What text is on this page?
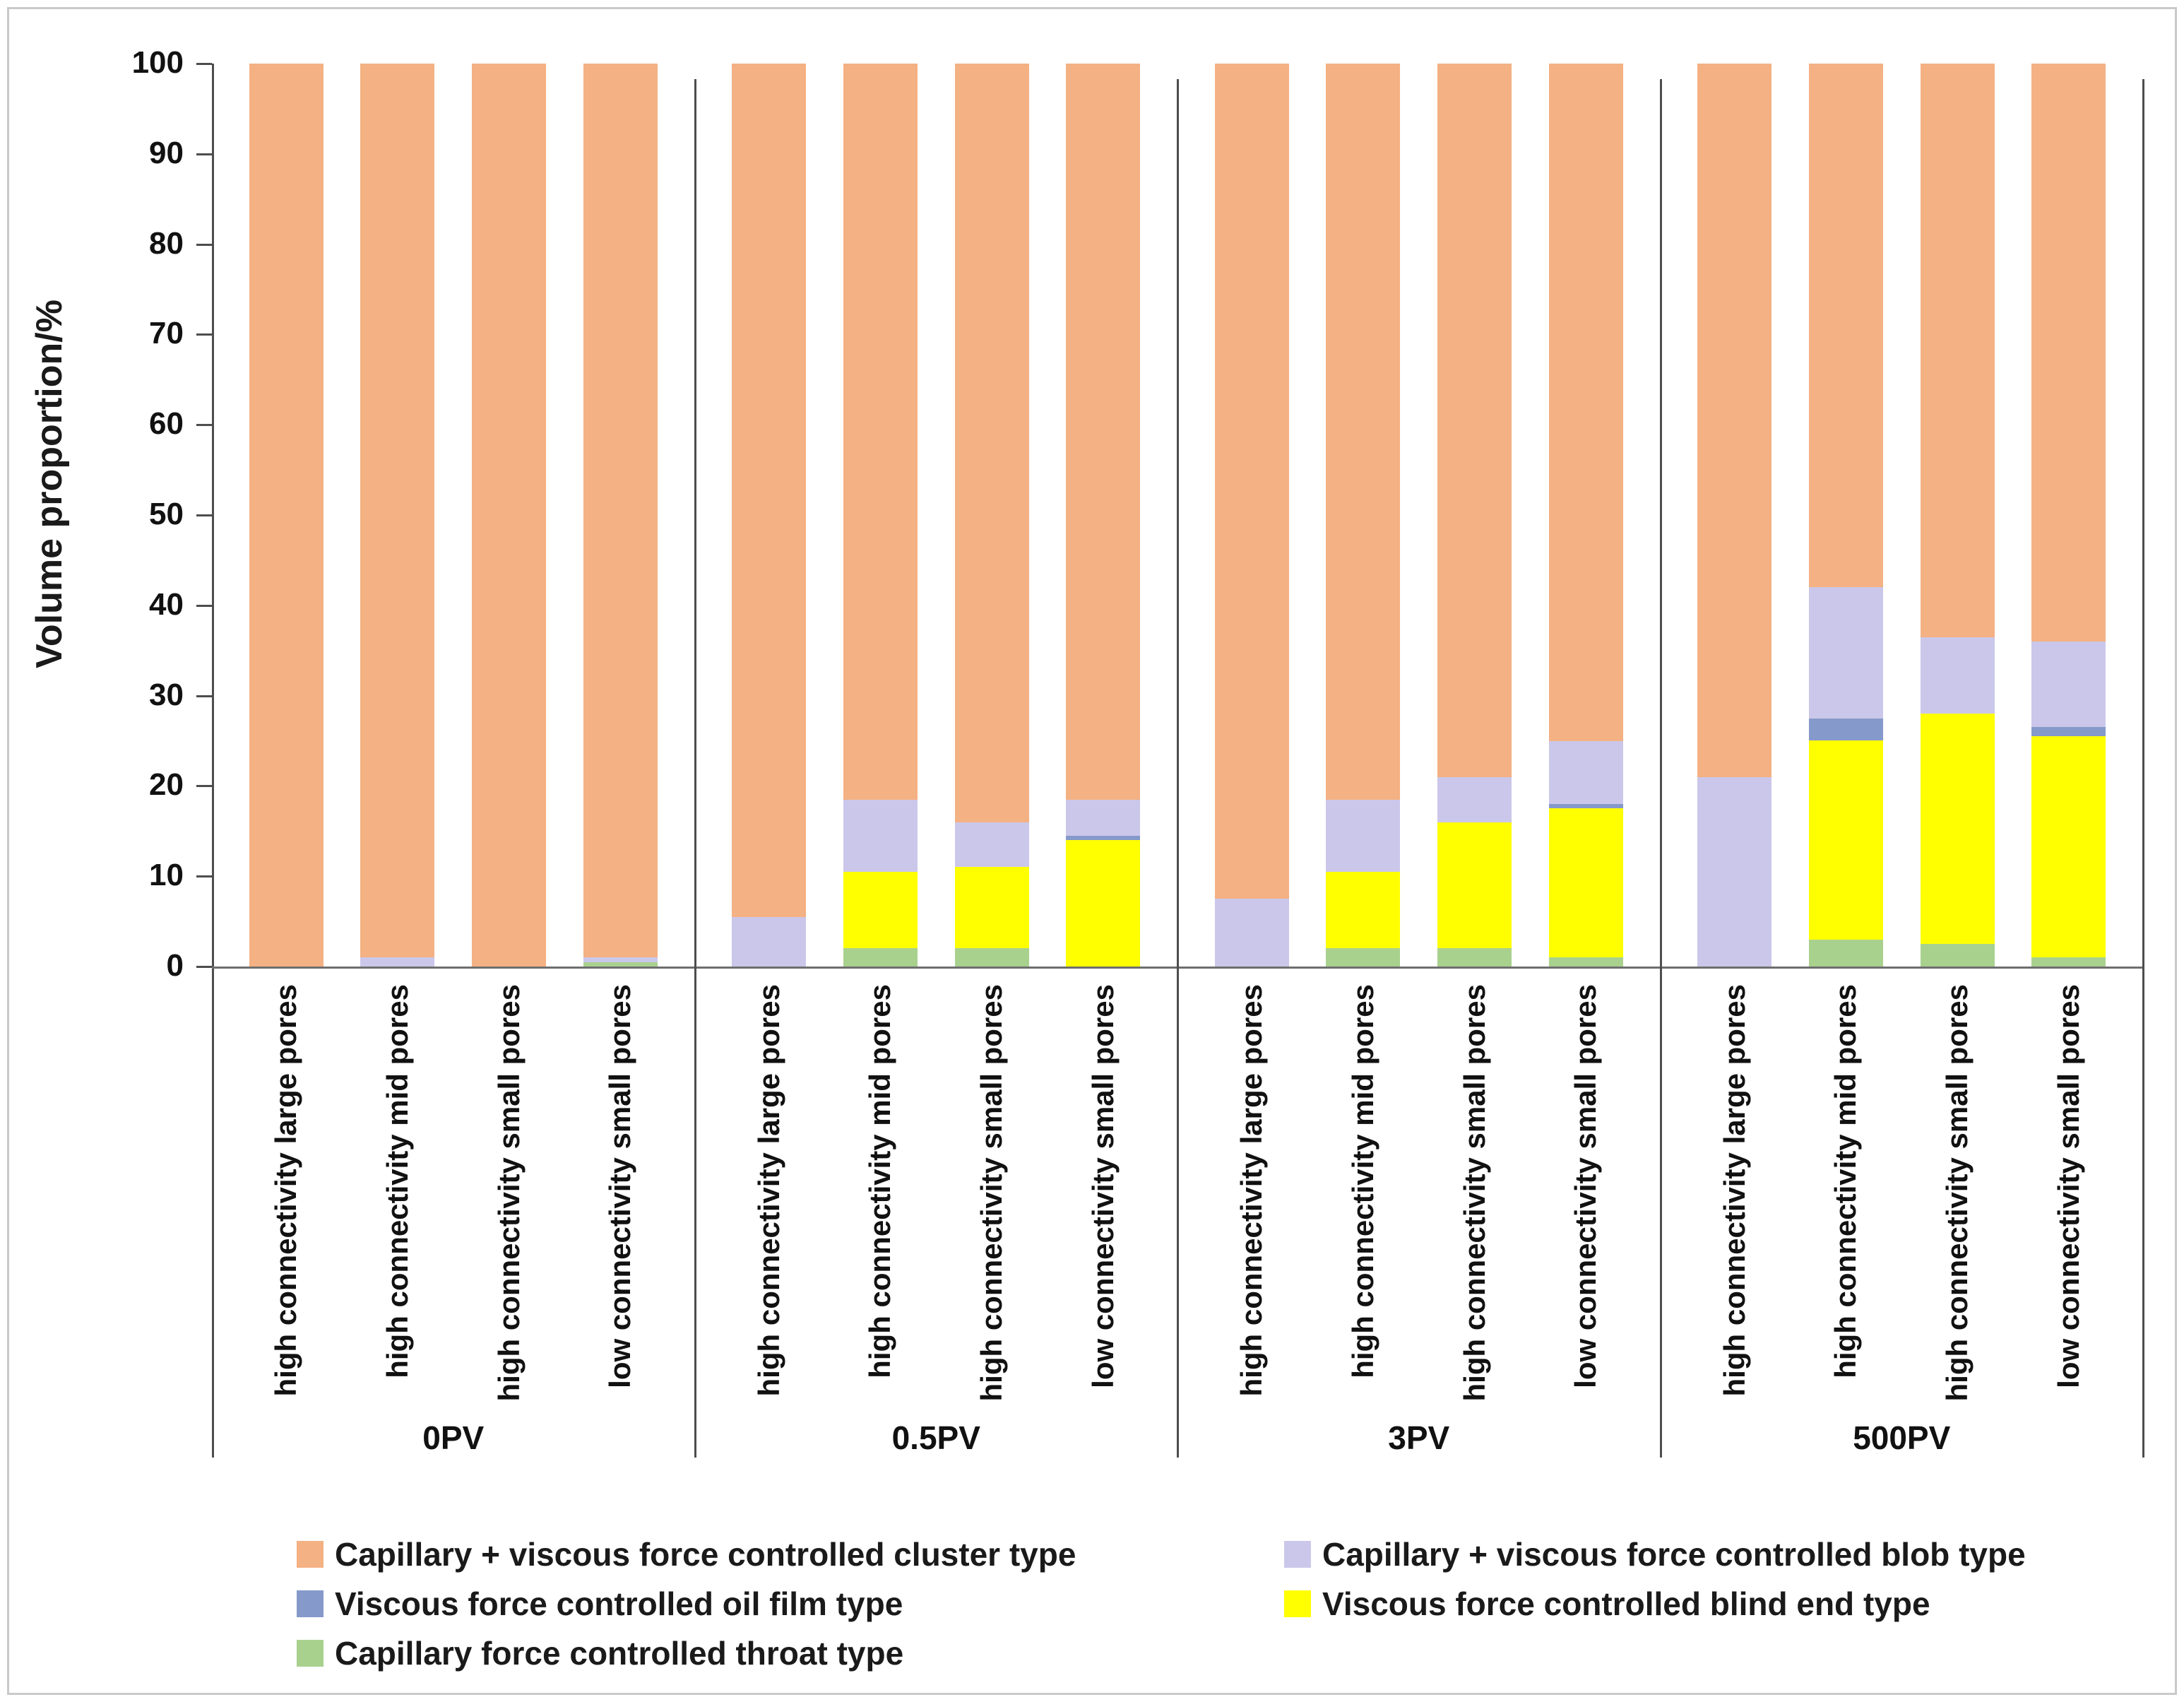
Volume proportion/%
0
10
20
30
40
50
60
70
80
90
100
high connectivity large pores	high connectivity mid pores	high connectivity small pores	low connectivity small pores	high connectivity large pores	high connectivity mid pores	high connectivity small pores	low connectivity small pores	high connectivity large pores	high connectivity mid pores	high connectivity small pores	low connectivity small pores	high connectivity large pores	high connectivity mid pores	high connectivity small pores	low connectivity small pores
0PV	0.5PV	3PV	500PV
Capillary + viscous force controlled cluster type
Viscous force controlled oil film type
Capillary force controlled throat type
Capillary + viscous force controlled blob type
Viscous force controlled blind end type
